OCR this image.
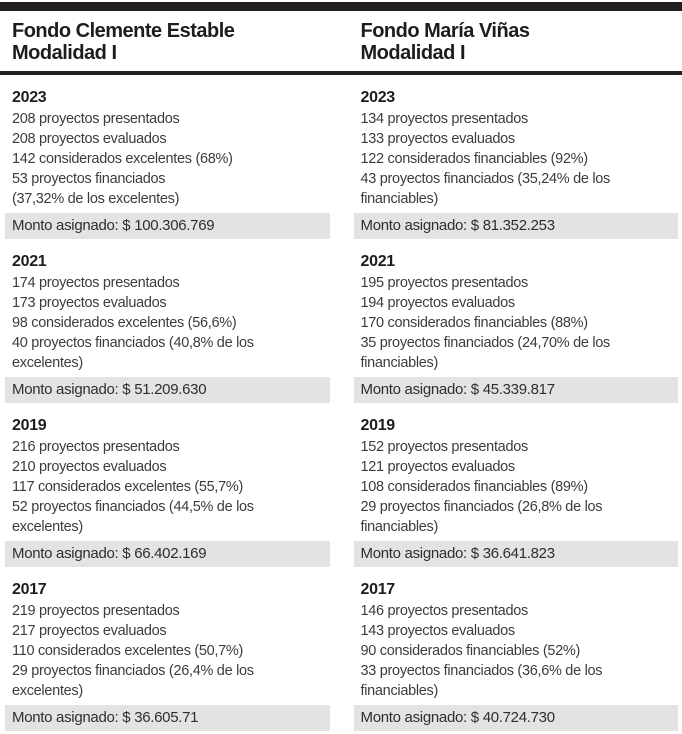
Fondo Clemente Estable
Modalidad I
Fondo María Viñas
Modalidad I
2023
208 proyectos presentados
208 proyectos evaluados
142 considerados excelentes (68%)
53 proyectos financiados
(37,32% de los excelentes)
Monto asignado: $ 100.306.769
2021
174 proyectos presentados
173 proyectos evaluados
98 considerados excelentes (56,6%)
40 proyectos financiados (40,8% de los
excelentes)
Monto asignado: $ 51.209.630
2019
216 proyectos presentados
210 proyectos evaluados
117 considerados excelentes (55,7%)
52 proyectos financiados (44,5% de los
excelentes)
Monto asignado: $ 66.402.169
2017
219 proyectos presentados
217 proyectos evaluados
110 considerados excelentes (50,7%)
29 proyectos financiados (26,4% de los
excelentes)
Monto asignado: $ 36.605.71
2023
134 proyectos presentados
133 proyectos evaluados
122 considerados financiables (92%)
43 proyectos financiados (35,24% de los
financiables)
Monto asignado: $ 81.352.253
2021
195 proyectos presentados
194 proyectos evaluados
170 considerados financiables (88%)
35 proyectos financiados (24,70% de los
financiables)
Monto asignado: $ 45.339.817
2019
152 proyectos presentados
121 proyectos evaluados
108 considerados financiables (89%)
29 proyectos financiados (26,8% de los
financiables)
Monto asignado: $ 36.641.823
2017
146 proyectos presentados
143 proyectos evaluados
90 considerados financiables (52%)
33 proyectos financiados (36,6% de los
financiables)
Monto asignado: $ 40.724.730
